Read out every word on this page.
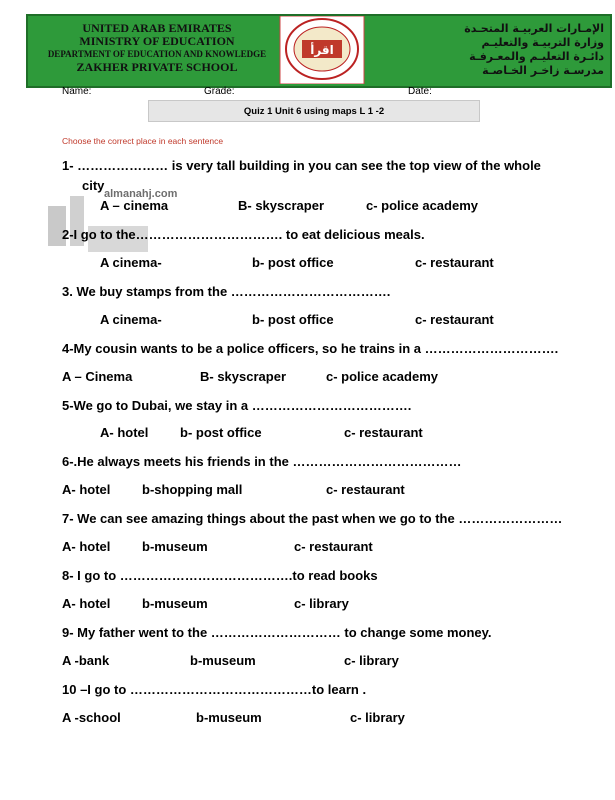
UNITED ARAB EMIRATES
MINISTRY OF EDUCATION
DEPARTMENT OF EDUCATION AND KNOWLEDGE
ZAKHER PRIVATE SCHOOL
اقرأ
الإمـارات العربيـة المتحـدة
وزارة التربيـة والتعليـم
دائـرة التعليـم والمعـرفـة
مدرسـة زاخـر الخـاصـة
Name:	Grade:	Date:
Quiz 1 Unit 6 using maps L 1 -2
Choose the correct place in each sentence
almanahj.com
1- ………………… is very tall building in you can see the top view of the whole
city
A – cinema	B- skyscraper	c- police academy
2-I go to the……………………………. to eat delicious meals.
A cinema-	b- post office	c- restaurant
3. We buy stamps from the ……………………………….
A cinema-	b- post office	c- restaurant
4-My cousin wants to be a police officers, so he trains in a ………………………….
A – Cinema	B- skyscraper	c- police academy
5-We go to Dubai, we stay in a ……………………………….
A- hotel b- post office	c- restaurant
6-.He always meets his friends in the …………………………………
A- hotel b-shopping mall	c- restaurant
7- We can see amazing things about the past when we go to the ……………………
A- hotel b-museum	c- restaurant
8- I go to ………………………………….to read books
A- hotel b-museum	c- library
9- My father went to the ………………………… to change some money.
A -bank	b-museum	c- library
10 –I go to ……………………………………to learn .
A -school	b-museum	c- library
